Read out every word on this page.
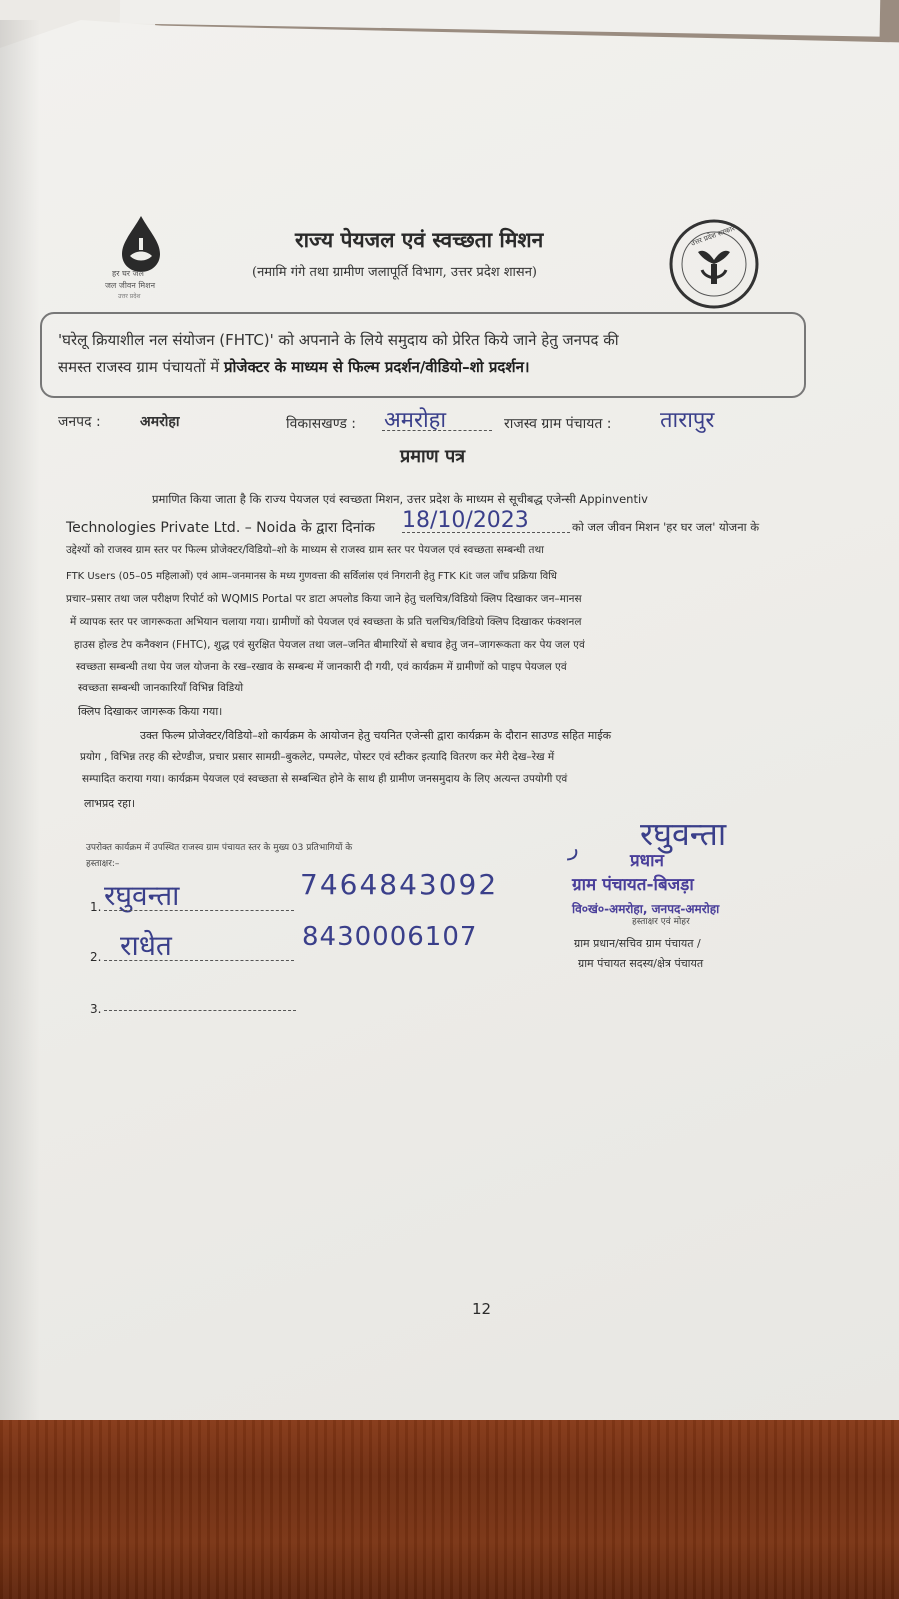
हर घर जल
जल जीवन मिशन
उत्तर प्रदेश
राज्य पेयजल एवं स्वच्छता मिशन
(नमामि गंगे तथा ग्रामीण जलापूर्ति विभाग, उत्तर प्रदेश शासन)
उत्तर प्रदेश सरकार
'घरेलू क्रियाशील नल संयोजन (FHTC)' को अपनाने के लिये समुदाय को प्रेरित किये जाने हेतु जनपद की
समस्त राजस्व ग्राम पंचायतों में प्रोजेक्टर के माध्यम से फिल्म प्रदर्शन/वीडियो–शो प्रदर्शन।
जनपद :	अमरोहा	विकासखण्ड : अमरोहा	राजस्व ग्राम पंचायत : तारापुर
प्रमाण पत्र
प्रमाणित किया जाता है कि राज्य पेयजल एवं स्वच्छता मिशन, उत्तर प्रदेश के माध्यम से सूचीबद्ध एजेन्सी Appinventiv
Technologies Private Ltd. – Noida के द्वारा दिनांक 18/10/2023	को जल जीवन मिशन 'हर घर जल' योजना के
उद्देश्यों को राजस्व ग्राम स्तर पर फिल्म प्रोजेक्टर/विडियो–शो के माध्यम से राजस्व ग्राम स्तर पर पेयजल एवं स्वच्छता सम्बन्धी तथा
FTK Users (05–05 महिलाओं) एवं आम–जनमानस के मध्य गुणवत्ता की सर्विलांस एवं निगरानी हेतु FTK Kit जल जाँच प्रक्रिया विधि
प्रचार–प्रसार तथा जल परीक्षण रिपोर्ट को WQMIS Portal पर डाटा अपलोड किया जाने हेतु चलचित्र/विडियो क्लिप दिखाकर जन–मानस
में व्यापक स्तर पर जागरूकता अभियान चलाया गया। ग्रामीणों को पेयजल एवं स्वच्छता के प्रति चलचित्र/विडियो क्लिप दिखाकर फंक्शनल
हाउस होल्ड टेप कनैक्शन (FHTC), शुद्ध एवं सुरक्षित पेयजल तथा जल–जनित बीमारियों से बचाव हेतु जन–जागरूकता कर पेय जल एवं
स्वच्छता सम्बन्धी तथा पेय जल योजना के रख–रखाव के सम्बन्ध में जानकारी दी गयी, एवं कार्यक्रम में ग्रामीणों को पाइप पेयजल एवं
स्वच्छता सम्बन्धी जानकारियाँ विभिन्न विडियो
क्लिप दिखाकर जागरूक किया गया।
उक्त फिल्म प्रोजेक्टर/विडियो–शो कार्यक्रम के आयोजन हेतु चयनित एजेन्सी द्वारा कार्यक्रम के दौरान साउण्ड सहित माईक
प्रयोग , विभिन्न तरह की स्टेण्डीज, प्रचार प्रसार सामग्री–बुकलेट, पम्पलेट, पोस्टर एवं स्टीकर इत्यादि वितरण कर मेरी देख–रेख में
सम्पादित कराया गया। कार्यक्रम पेयजल एवं स्वच्छता से सम्बन्धित होने के साथ ही ग्रामीण जनसमुदाय के लिए अत्यन्त उपयोगी एवं
लाभप्रद रहा।
उपरोक्त कार्यक्रम में उपस्थित राजस्व ग्राम पंचायत स्तर के मुख्य 03 प्रतिभागियों के
हस्ताक्षर:–
1. रघुवन्ता	7464843092
2. राधेत	8430006107
3.
रघुवन्ता
ر	प्रधान
ग्राम पंचायत-बिजड़ा
वि०खं०-अमरोहा, जनपद-अमरोहा
हस्ताक्षर एवं मोहर
ग्राम प्रधान/सचिव ग्राम पंचायत /
ग्राम पंचायत सदस्य/क्षेत्र पंचायत
12
